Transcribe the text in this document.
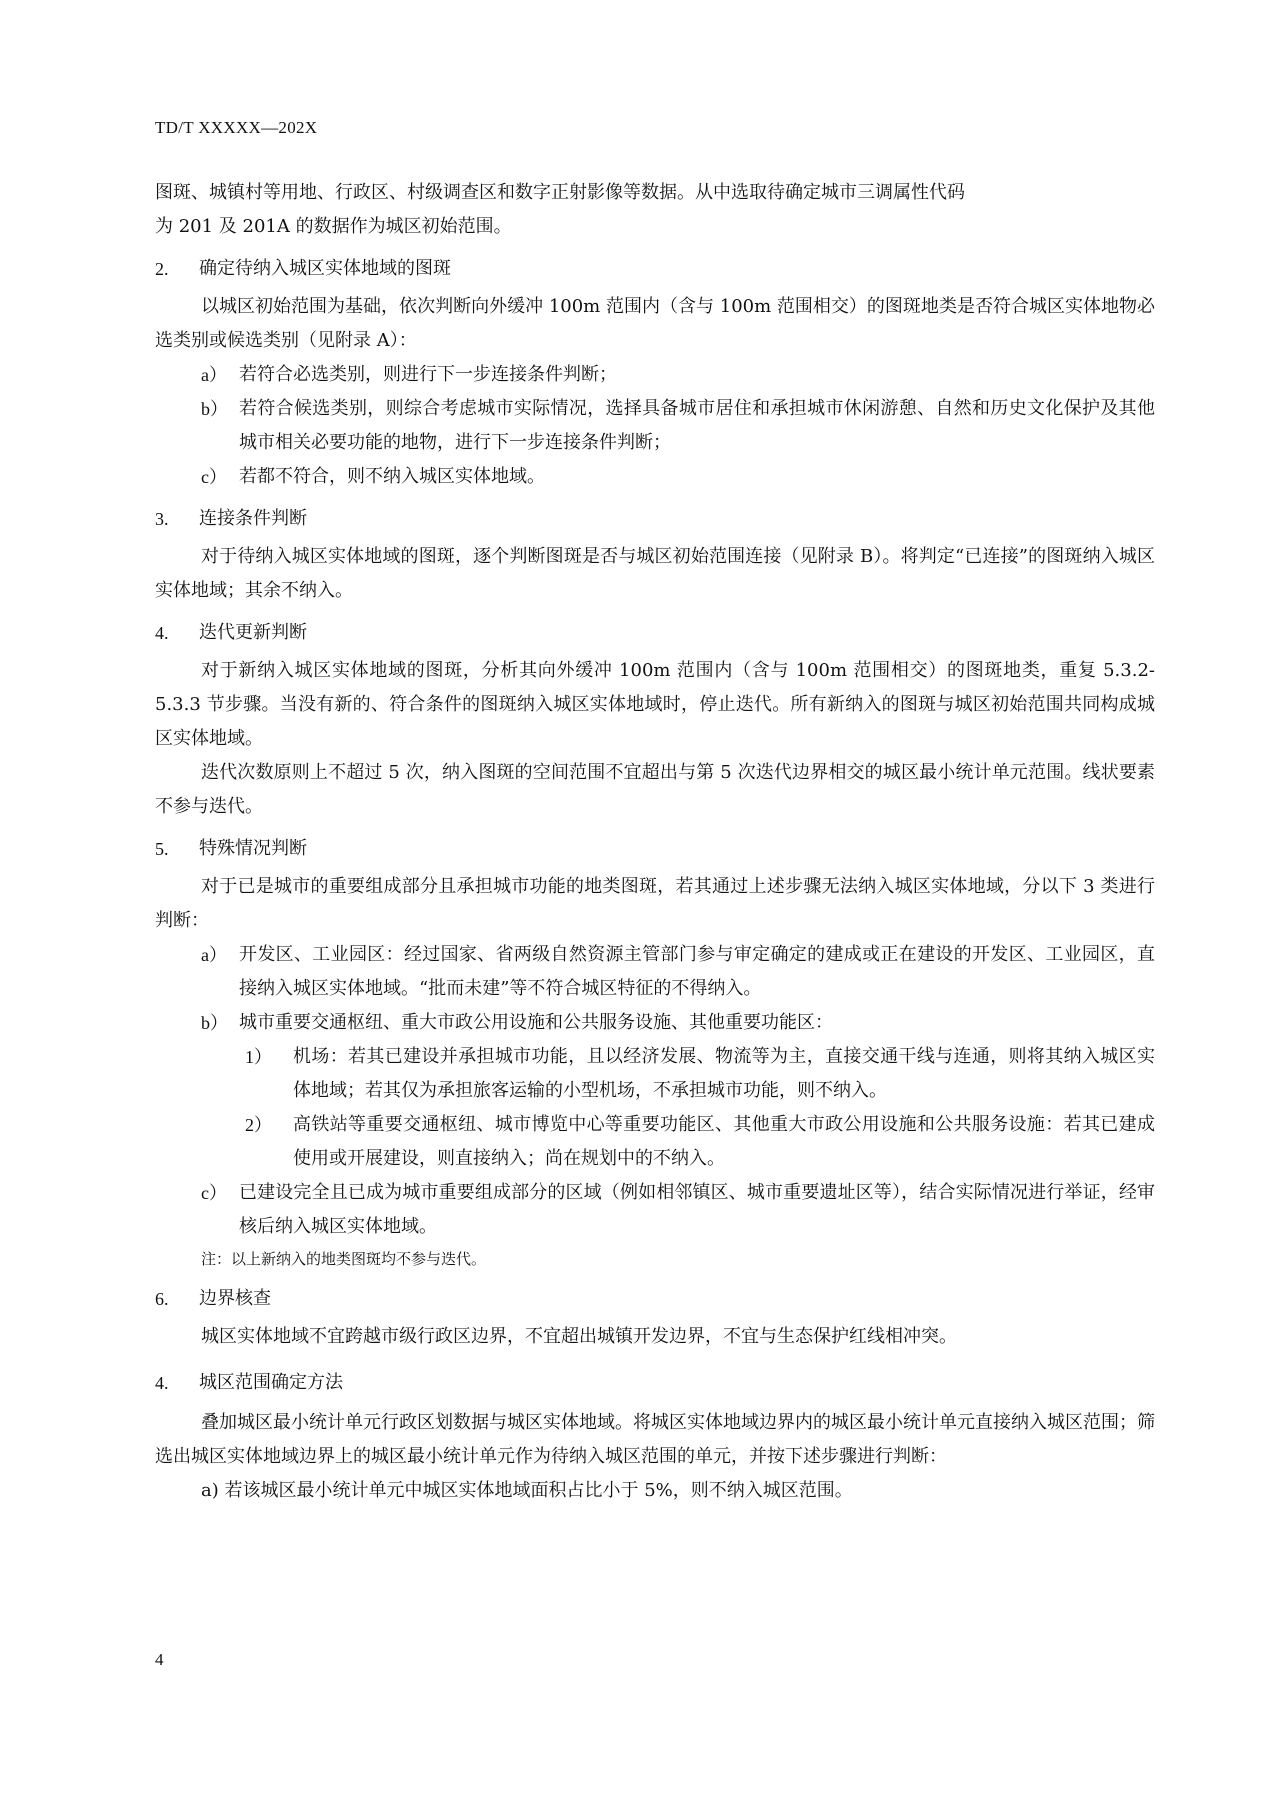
TD/T XXXXX—202X

图斑、城镇村等用地、行政区、村级调查区和数字正射影像等数据。从中选取待确定城市三调属性代码

为 201 及 201A 的数据作为城区初始范围。

2.	确定待纳入城区实体地域的图斑

以城区初始范围为基础，依次判断向外缓冲 100m 范围内（含与 100m 范围相交）的图斑地类是否符合城区实体地物必选类别或候选类别（见附录 A）：

a） 若符合必选类别，则进行下一步连接条件判断；
b） 若符合候选类别，则综合考虑城市实际情况，选择具备城市居住和承担城市休闲游憩、自然和历史文化保护及其他城市相关必要功能的地物，进行下一步连接条件判断；
c） 若都不符合，则不纳入城区实体地域。
3.	连接条件判断

对于待纳入城区实体地域的图斑，逐个判断图斑是否与城区初始范围连接（见附录 B）。将判定“已连接”的图斑纳入城区实体地域；其余不纳入。

4.	迭代更新判断

对于新纳入城区实体地域的图斑，分析其向外缓冲 100m 范围内（含与 100m 范围相交）的图斑地类，重复 5.3.2-5.3.3 节步骤。当没有新的、符合条件的图斑纳入城区实体地域时，停止迭代。所有新纳入的图斑与城区初始范围共同构成城区实体地域。

迭代次数原则上不超过 5 次，纳入图斑的空间范围不宜超出与第 5 次迭代边界相交的城区最小统计单元范围。线状要素不参与迭代。

5.	特殊情况判断

对于已是城市的重要组成部分且承担城市功能的地类图斑，若其通过上述步骤无法纳入城区实体地域，分以下 3 类进行判断：

a） 开发区、工业园区：经过国家、省两级自然资源主管部门参与审定确定的建成或正在建设的开发区、工业园区，直接纳入城区实体地域。“批而未建”等不符合城区特征的不得纳入。
b） 城市重要交通枢纽、重大市政公用设施和公共服务设施、其他重要功能区：
1）	机场：若其已建设并承担城市功能，且以经济发展、物流等为主，直接交通干线与连通，则将其纳入城区实体地域；若其仅为承担旅客运输的小型机场，不承担城市功能，则不纳入。
2）	高铁站等重要交通枢纽、城市博览中心等重要功能区、其他重大市政公用设施和公共服务设施：若其已建成使用或开展建设，则直接纳入；尚在规划中的不纳入。
c） 已建设完全且已成为城市重要组成部分的区域（例如相邻镇区、城市重要遗址区等），结合实际情况进行举证，经审核后纳入城区实体地域。

注：以上新纳入的地类图斑均不参与迭代。

6.	边界核查

城区实体地域不宜跨越市级行政区边界，不宜超出城镇开发边界，不宜与生态保护红线相冲突。

4.	城区范围确定方法

叠加城区最小统计单元行政区划数据与城区实体地域。将城区实体地域边界内的城区最小统计单元直接纳入城区范围；筛选出城区实体地域边界上的城区最小统计单元作为待纳入城区范围的单元，并按下述步骤进行判断：

a) 若该城区最小统计单元中城区实体地域面积占比小于 5%，则不纳入城区范围。

4
